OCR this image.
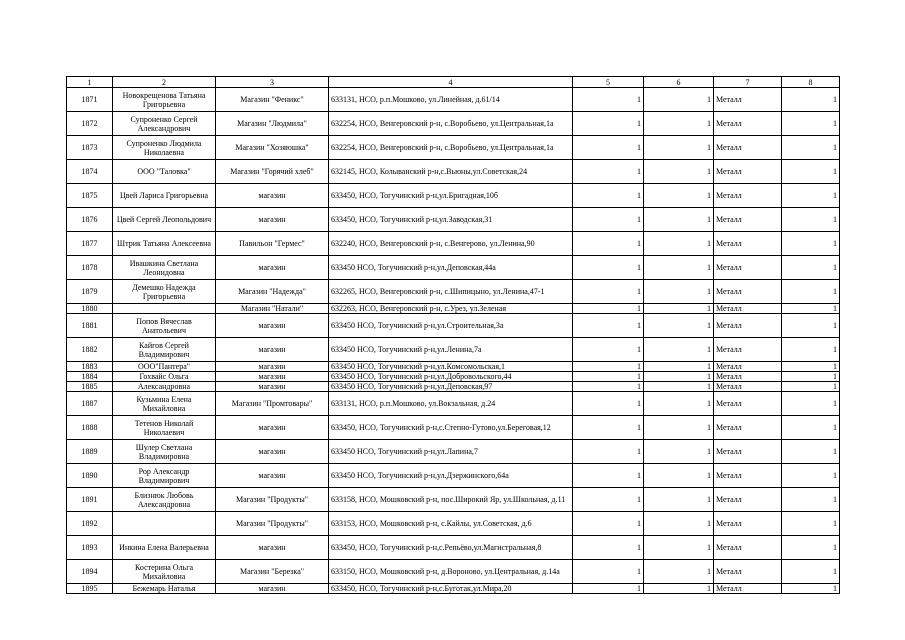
1	2	3	4	5	6	7	8
1871	Новокрещенова Татьяна Григорьевна	Магазин "Феникс"	633131, НСО, р.п.Мошково, ул.Линейная, д.61/14	1	1	Металл	1
1872	Супроненко Сергей Александрович	Магазин "Людмила"	632254, НСО, Венгеровский р-н, с.Воробьево, ул.Центральная,1а	1	1	Металл	1
1873	Супроненко Людмила Николаевна	Магазин "Хозяюшка"	632254, НСО, Венгеровский р-н, с.Воробьево, ул.Центральная,1а	1	1	Металл	1
1874	ООО "Таловка"	Магазин "Горячий хлеб"	632145, НСО, Колыванский р-н,с.Вьюны,ул.Советская,24	1	1	Металл	1
1875	Цвей Лариса Григорьевна	магазин	633450, НСО, Тогучинский р-н,ул.Бригадная,10б	1	1	Металл	1
1876	Цвей Сергей Леопольдович	магазин	633450, НСО, Тогучинский р-н,ул.Заводская,31	1	1	Металл	1
1877	Штрик Татьяна Алексеевна	Павильон "Гермес"	632240, НСО, Венгеровский р-н, с.Венгерово, ул.Ленина,90	1	1	Металл	1
1878	Ивашкина Светлана Леонидовна	магазин	633450 НСО, Тогучинский р-н,ул.Деповская,44а	1	1	Металл	1
1879	Демешко Надежда Григорьевна	Магазин "Надежда"	632265, НСО, Венгеровский р-н, с.Шипицыно, ул.Ленина,47-1	1	1	Металл	1
1880		Магазин "Натали"	632263, НСО, Венгеровский р-н, с.Урез, ул.Зеленая	1	1	Металл	1
1881	Попов Вячеслав Анатольевич	магазин	633450 НСО, Тогучинский р-н,ул.Строительная,3а	1	1	Металл	1
1882	Кайгов Сергей Владимирович	магазин	633450 НСО, Тогучинский р-н,ул.Ленина,7а	1	1	Металл	1
1883	ООО"Пантера"	магазин	633450 НСО, Тогучинский р-н,ул.Комсомольская,1	1	1	Металл	1
1884	Гохвайс Ольга	магазин	633450 НСО, Тогучинский р-н,ул.Добровольского,44	1	1	Металл	1
1885	Александровна	магазин	633450 НСО, Тогучинский р-н,ул.Деповская,97	1	1	Металл	1
1887	Кузьмина Елена Михайловна	Магазин "Промтовары"	633131, НСО, р.п.Мошково, ул.Вокзальная, д.24	1	1	Металл	1
1888	Тетенов Николай Николаевич	магазин	633450, НСО, Тогучинский р-н,с.Степно-Гутово,ул.Береговая,12	1	1	Металл	1
1889	Шулер Светлана Владимировна	магазин	633450 НСО, Тогучинский р-н,ул.Лапина,7	1	1	Металл	1
1890	Рор Александр Владимирович	магазин	633450 НСО, Тогучинский р-н,ул.Дзержинского,64а	1	1	Металл	1
1891	Близнюк Любовь Александровна	Магазин "Продукты"	633158, НСО, Мошковский р-н, пос.Широкий Яр, ул.Школьная, д.11	1	1	Металл	1
1892		Магазин "Продукты"	633153, НСО, Мошковский р-н, с.Кайлы, ул.Советская, д.6	1	1	Металл	1
1893	Инкина Елена Валерьевна	магазин	633450, НСО, Тогучинский р-н,с.Репьёво,ул.Магистральная,8	1	1	Металл	1
1894	Костерина Ольга Михайловна	Магазин "Березка"	633150, НСО, Мошковский р-н, д.Вороново, ул.Центральная, д.14а	1	1	Металл	1
1895	Бежемарь Наталья	магазин	633450, НСО, Тогучинский р-н,с.Буготак,ул.Мира,20	1	1	Металл	1
